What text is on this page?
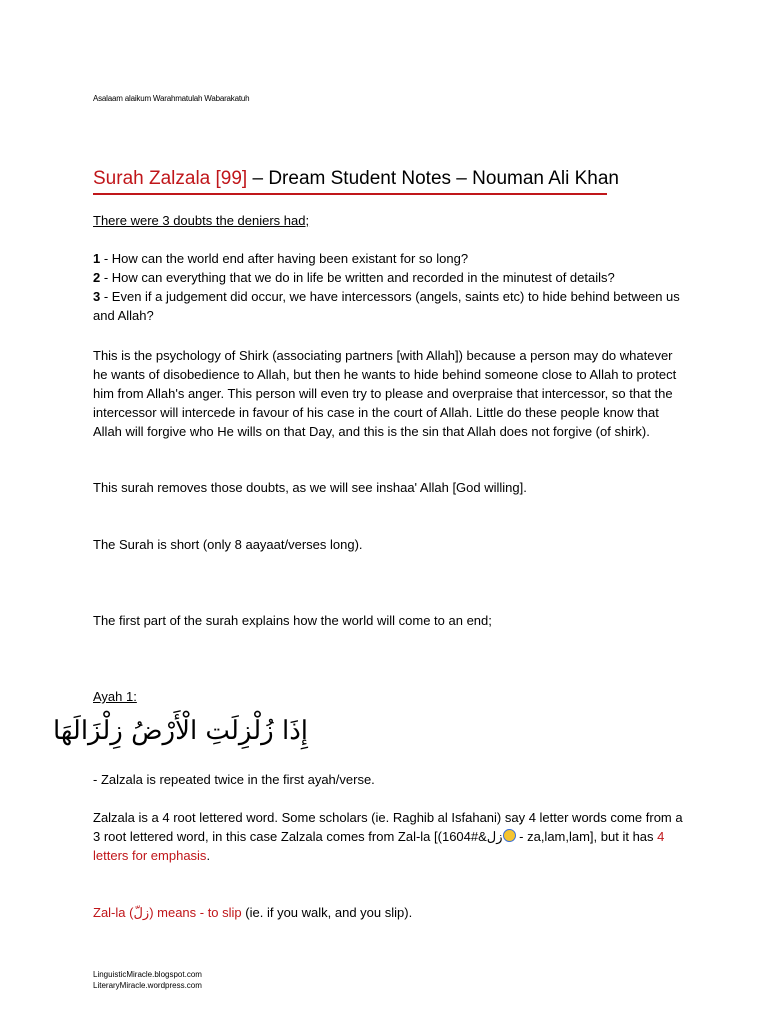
Asalaam alaikum Warahmatulah Wabarakatuh
Surah Zalzala [99] – Dream Student Notes – Nouman Ali Khan
There were 3 doubts the deniers had;
1 - How can the world end after having been existant for so long?
2 - How can everything that we do in life be written and recorded in the minutest of details?
3 - Even if a judgement did occur, we have intercessors (angels, saints etc) to hide behind between us and Allah?
This is the psychology of Shirk (associating partners [with Allah]) because a person may do whatever he wants of disobedience to Allah, but then he wants to hide behind someone close to Allah to protect him from Allah's anger. This person will even try to please and overpraise that intercessor, so that the intercessor will intercede in favour of his case in the court of Allah. Little do these people know that Allah will forgive who He wills on that Day, and this is the sin that Allah does not forgive (of shirk).
This surah removes those doubts, as we will see inshaa' Allah [God willing].
The Surah is short (only 8 aayaat/verses long).
The first part of the surah explains how the world will come to an end;
Ayah 1:
إِذَا زُلْزِلَتِ الْأَرْضُ زِلْزَالَهَا
- Zalzala is repeated twice in the first ayah/verse.
Zalzala is a 4 root lettered word. Some scholars (ie. Raghib al Isfahani) say 4 letter words come from a 3 root lettered word, in this case Zalzala comes from Zal-la [(1604#&زل - za,lam,lam], but it has 4 letters for emphasis.
Zal-la (زلّ) means - to slip (ie. if you walk, and you slip).
LinguisticMiracle.blogspot.com
LiteraryMiracle.wordpress.com
